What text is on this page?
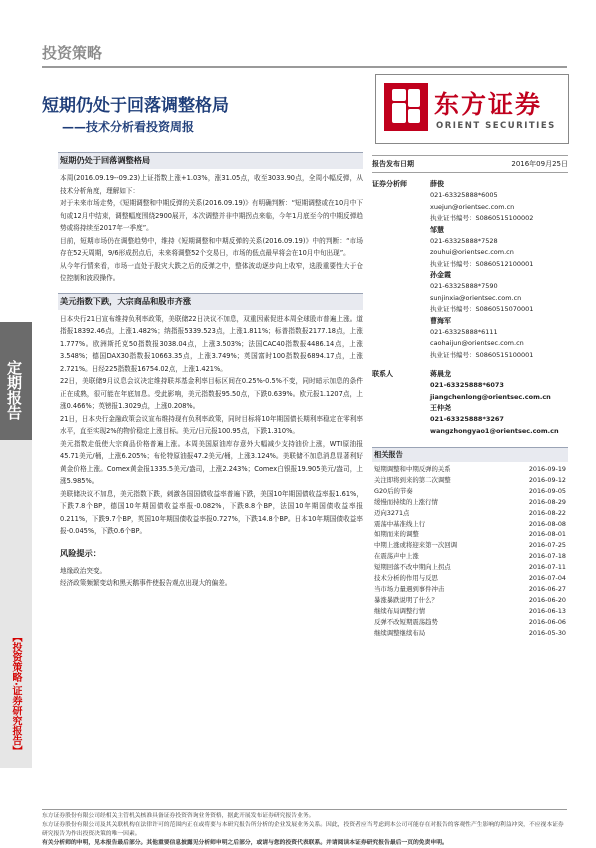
投资策略
短期仍处于回落调整格局
——技术分析看投资周报
东方证券
ORIENT SECURITIES
定期报告
【投资策略·证券研究报告】
短期仍处于回落调整格局
本周(2016.09.19--09.23)上证指数上涨+1.03%，涨31.05点，收至3033.90点，全周小幅反弹，从技术分析角度，理解如下：
对于未来市场走势，《短期调整和中期反弹的关系(2016.09.19)》有明确判断：“短期调整或在10月中下旬或12月中结束，调整幅度围绕2900展开，本次调整并非中期拐点来临，今年1月底至今的中期反弹趋势或将持续至2017年一季度”。
目前，短期市场仍在调整趋势中，维持《短期调整和中期反弹的关系(2016.09.19)》中的判断：“市场存在52天周期，9/6形成拐点后，未来将调整52个交易日，市场的低点最早将会在10月中旬出现”。
从今年行情来看，市场一直处于股灾大跌之后的反弹之中，整体波动逐步向上收窄，选股重要性大于仓位控制和波段操作。
美元指数下跌，大宗商品和股市齐涨
日本央行21日宣布维持负利率政策，美联储22日决议不加息，双重因素促进本周全球股市普遍上涨。道指报18392.46点，上涨1.482%；纳指报5339.523点，上涨1.811%；标普指数报2177.18点，上涨1.777%。欧洲斯托克50指数报3038.04点，上涨3.503%；法国CAC40指数报4486.14点，上涨3.548%；德国DAX30指数报10663.35点，上涨3.749%；英国富时100指数报6894.17点，上涨2.721%。日经225指数报16754.02点，上涨1.421%。
22日，美联储9月议息会议决定维持联邦基金利率目标区间在0.25%-0.5%不变，同时暗示加息的条件正在成熟，很可能在年底加息。受此影响，美元指数报95.50点，下跌0.639%。欧元报1.1207点，上涨0.466%；英镑报1.3029点，上涨0.208%。
21日，日本央行金融政策会议宣布维持现有负利率政策，同时目标将10年期国债长期利率稳定在零利率水平，直至实现2%的物价稳定上涨目标。美元/日元报100.95点，下跌1.310%。
美元指数走低使大宗商品价格普遍上涨。本周美国原油库存意外大幅减少支持油价上涨，WTI原油报45.71美元/桶，上涨6.205%；布伦特原油报47.2美元/桶，上涨3.124%。美联储不加息消息显著利好黄金价格上涨。Comex黄金报1335.5美元/盎司，上涨2.243%；Comex白银报19.905美元/盎司，上涨5.985%。
美联储决议不加息，美元指数下跌，刺激各国国债收益率普遍下跌，美国10年期国债收益率报1.61%，下跌7.8个BP，德国10年期国债收益率报-0.082%，下跌8.8个BP，法国10年期国债收益率报0.211%，下跌9.7个BP，英国10年期国债收益率报0.727%，下跌14.8个BP。日本10年期国债收益率报-0.045%，下跌0.6个BP。
风险提示：
地缘政治突变。
经济政策频繁变动和黑天鹅事件使报告观点出现大的偏差。
报告发布日期	2016年09月25日
证券分析师	薛俊
021-63325888*6005
xuejun@orientsec.com.cn
执业证书编号：S0860515100002
邹慧
021-63325888*7528
zouhui@orientsec.com.cn
执业证书编号：S0860512100001
孙金霞
021-63325888*7590
sunjinxia@orientsec.com.cn
执业证书编号：S0860515070001
曹海军
021-63325888*6111
caohaijun@orientsec.com.cn
执业证书编号：S0860515100001
联系人	蒋晨龙
021-63325888*6073
jiangchenlong@orientsec.com.cn
王仲尧
021-63325888*3267
wangzhongyao1@orientsec.com.cn
相关报告
短期调整和中期反弹的关系	2016-09-19
关注即将到来的第二次调整	2016-09-12
G20后的节奏	2016-09-05
缓慢而持续的上涨行情	2016-08-29
迈向3271点	2016-08-22
震荡中基准线上行	2016-08-08
如期而来的调整	2016-08-01
中期上涨或将迎来第一次回调	2016-07-25
在震荡声中上涨	2016-07-18
短期回落不改中期向上拐点	2016-07-11
技术分析的作用与反思	2016-07-04
当市场力量遇到事件冲击	2016-06-27
暴涨暴跌说明了什么？	2016-06-20
继续布局调整行情	2016-06-13
反弹不改短期震荡趋势	2016-06-06
继续调整继续布局	2016-05-30
东方证券股份有限公司经相关主管机关核准具备证券投资咨询业务资格，据此开展发布证券研究报告业务。
东方证券股份有限公司及其关联机构在法律许可的范围内正在或将要与本研究报告所分析的企业发展业务关系。因此，投资者应当考虑到本公司可能存在对报告的客观性产生影响的利益冲突，不应视本证券研究报告为作出投资决策的唯一因素。
有关分析师的申明，见本报告最后部分。其他重要信息披露见分析师申明之后部分，或请与您的投资代表联系。并请阅读本证券研究报告最后一页的免责申明。
